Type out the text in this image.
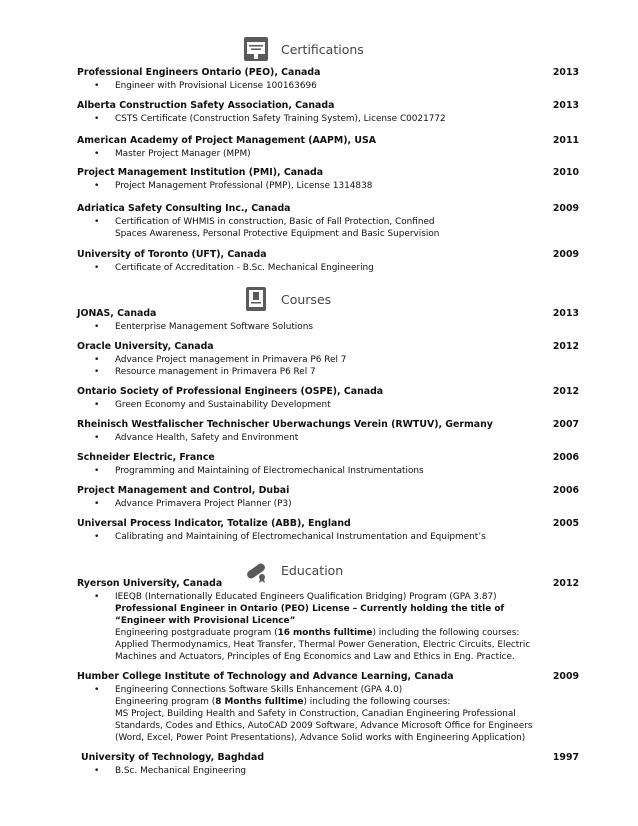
Certifications
Professional Engineers Ontario (PEO), Canada	2013
• Engineer with Provisional License 100163696
Alberta Construction Safety Association, Canada	2013
• CSTS Certificate (Construction Safety Training System), License C0021772
American Academy of Project Management (AAPM), USA	2011
• Master Project Manager (MPM)
Project Management Institution (PMI), Canada	2010
• Project Management Professional (PMP), License 1314838
Adriatica Safety Consulting Inc., Canada	2009
• Certification of WHMIS in construction, Basic of Fall Protection, Confined
Spaces Awareness, Personal Protective Equipment and Basic Supervision
University of Toronto (UFT), Canada	2009
• Certificate of Accreditation - B.Sc. Mechanical Engineering
Courses
JONAS, Canada	2013
• Eenterprise Management Software Solutions
Oracle University, Canada	2012
• Advance Project management in Primavera P6 Rel 7
• Resource management in Primavera P6 Rel 7
Ontario Society of Professional Engineers (OSPE), Canada	2012
• Green Economy and Sustainability Development
Rheinisch Westfalischer Technischer Uberwachungs Verein (RWTUV), Germany	2007
• Advance Health, Safety and Environment
Schneider Electric, France	2006
• Programming and Maintaining of Electromechanical Instrumentations
Project Management and Control, Dubai	2006
• Advance Primavera Project Planner (P3)
Universal Process Indicator, Totalize (ABB), England	2005
• Calibrating and Maintaining of Electromechanical Instrumentation and Equipment’s
Education
Ryerson University, Canada	2012
• IEEQB (Internationally Educated Engineers Qualification Bridging) Program (GPA 3.87)
Professional Engineer in Ontario (PEO) License – Currently holding the title of
“Engineer with Provisional Licence”
Engineering postgraduate program (16 months fulltime) including the following courses:
Applied Thermodynamics, Heat Transfer, Thermal Power Generation, Electric Circuits, Electric
Machines and Actuators, Principles of Eng Economics and Law and Ethics in Eng. Practice.
Humber College Institute of Technology and Advance Learning, Canada	2009
• Engineering Connections Software Skills Enhancement (GPA 4.0)
Engineering program (8 Months fulltime) including the following courses:
MS Project, Building Health and Safety in Construction, Canadian Engineering Professional
Standards, Codes and Ethics, AutoCAD 2009 Software, Advance Microsoft Office for Engineers
(Word, Excel, Power Point Presentations), Advance Solid works with Engineering Application)
University of Technology, Baghdad	1997
• B.Sc. Mechanical Engineering
